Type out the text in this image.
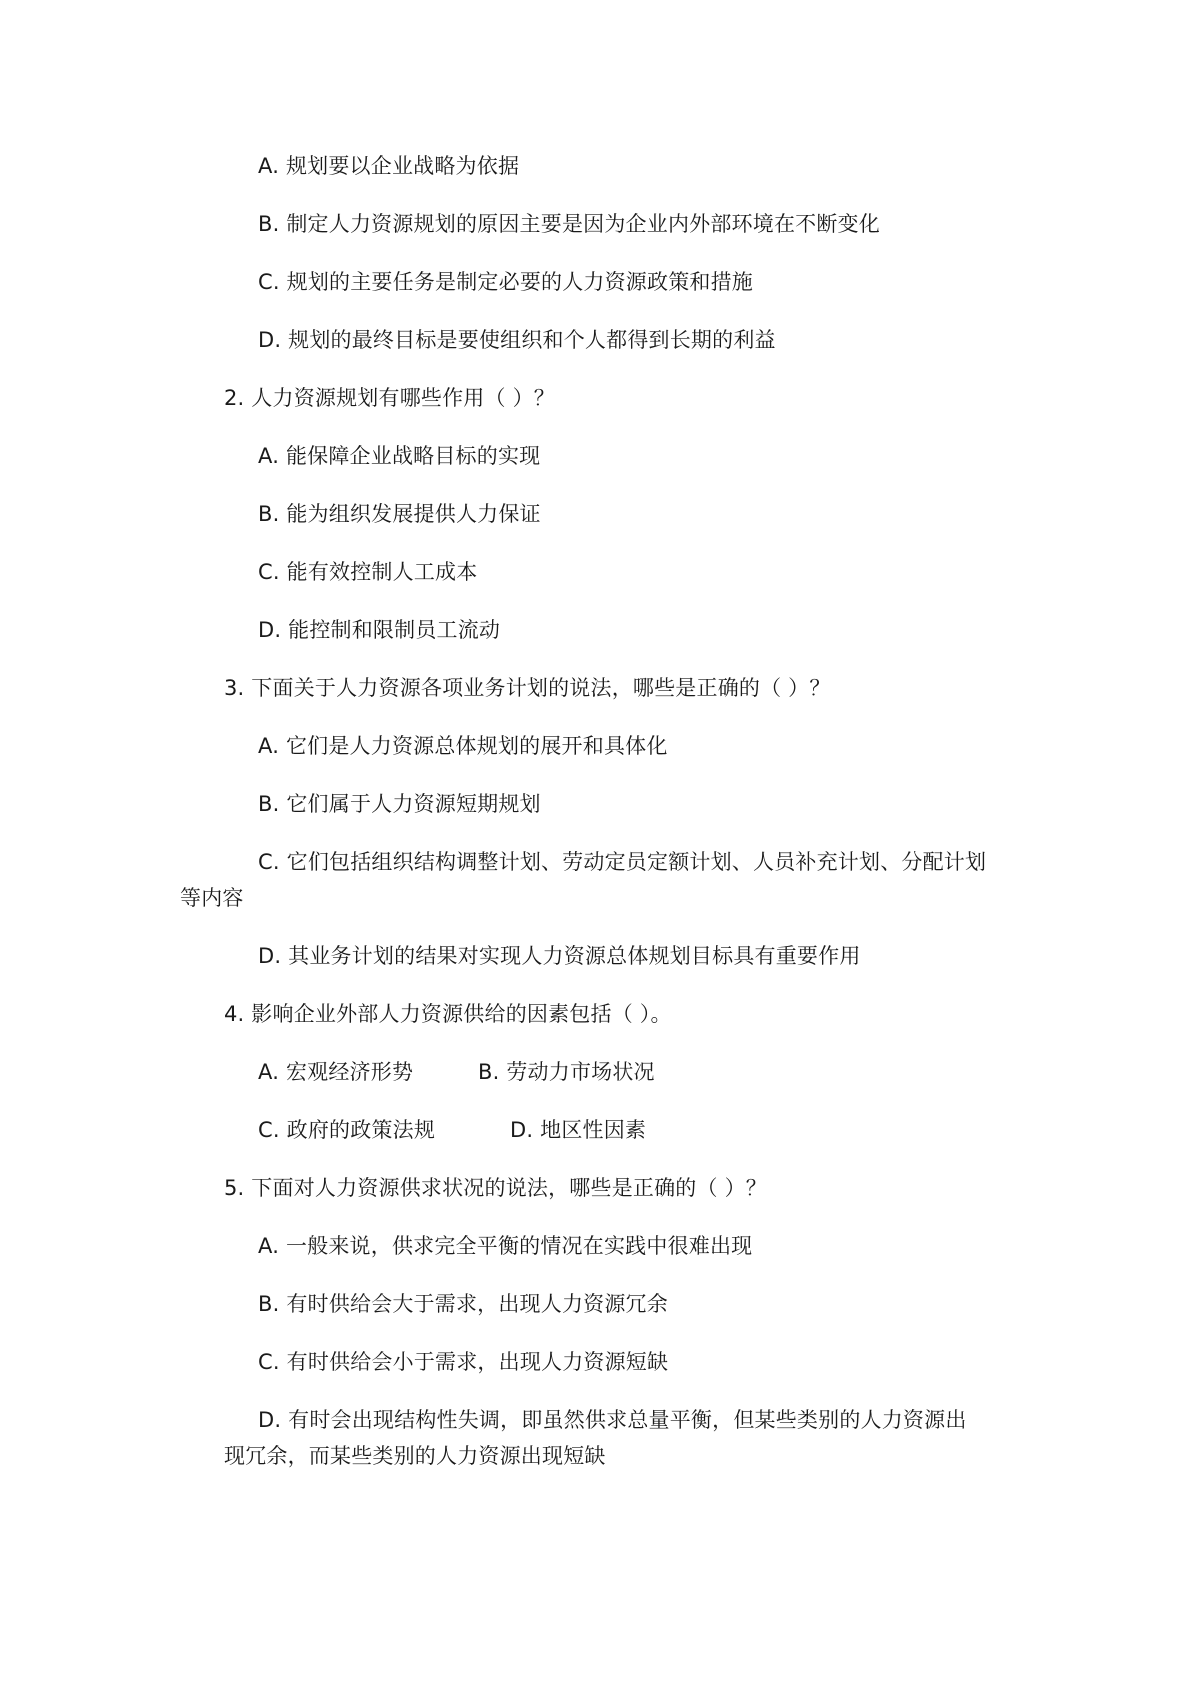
A. 规划要以企业战略为依据
B. 制定人力资源规划的原因主要是因为企业内外部环境在不断变化
C. 规划的主要任务是制定必要的人力资源政策和措施
D. 规划的最终目标是要使组织和个人都得到长期的利益
2. 人力资源规划有哪些作用（ ）？
A. 能保障企业战略目标的实现
B. 能为组织发展提供人力保证
C. 能有效控制人工成本
D. 能控制和限制员工流动
3. 下面关于人力资源各项业务计划的说法，哪些是正确的（ ）？
A. 它们是人力资源总体规划的展开和具体化
B. 它们属于人力资源短期规划
C. 它们包括组织结构调整计划、劳动定员定额计划、人员补充计划、分配计划
等内容
D. 其业务计划的结果对实现人力资源总体规划目标具有重要作用
4. 影响企业外部人力资源供给的因素包括（ ）。
A. 宏观经济形势	B. 劳动力市场状况
C. 政府的政策法规	D. 地区性因素
5. 下面对人力资源供求状况的说法，哪些是正确的（ ）？
A. 一般来说，供求完全平衡的情况在实践中很难出现
B. 有时供给会大于需求，出现人力资源冗余
C. 有时供给会小于需求，出现人力资源短缺
D. 有时会出现结构性失调，即虽然供求总量平衡，但某些类别的人力资源出
现冗余，而某些类别的人力资源出现短缺
